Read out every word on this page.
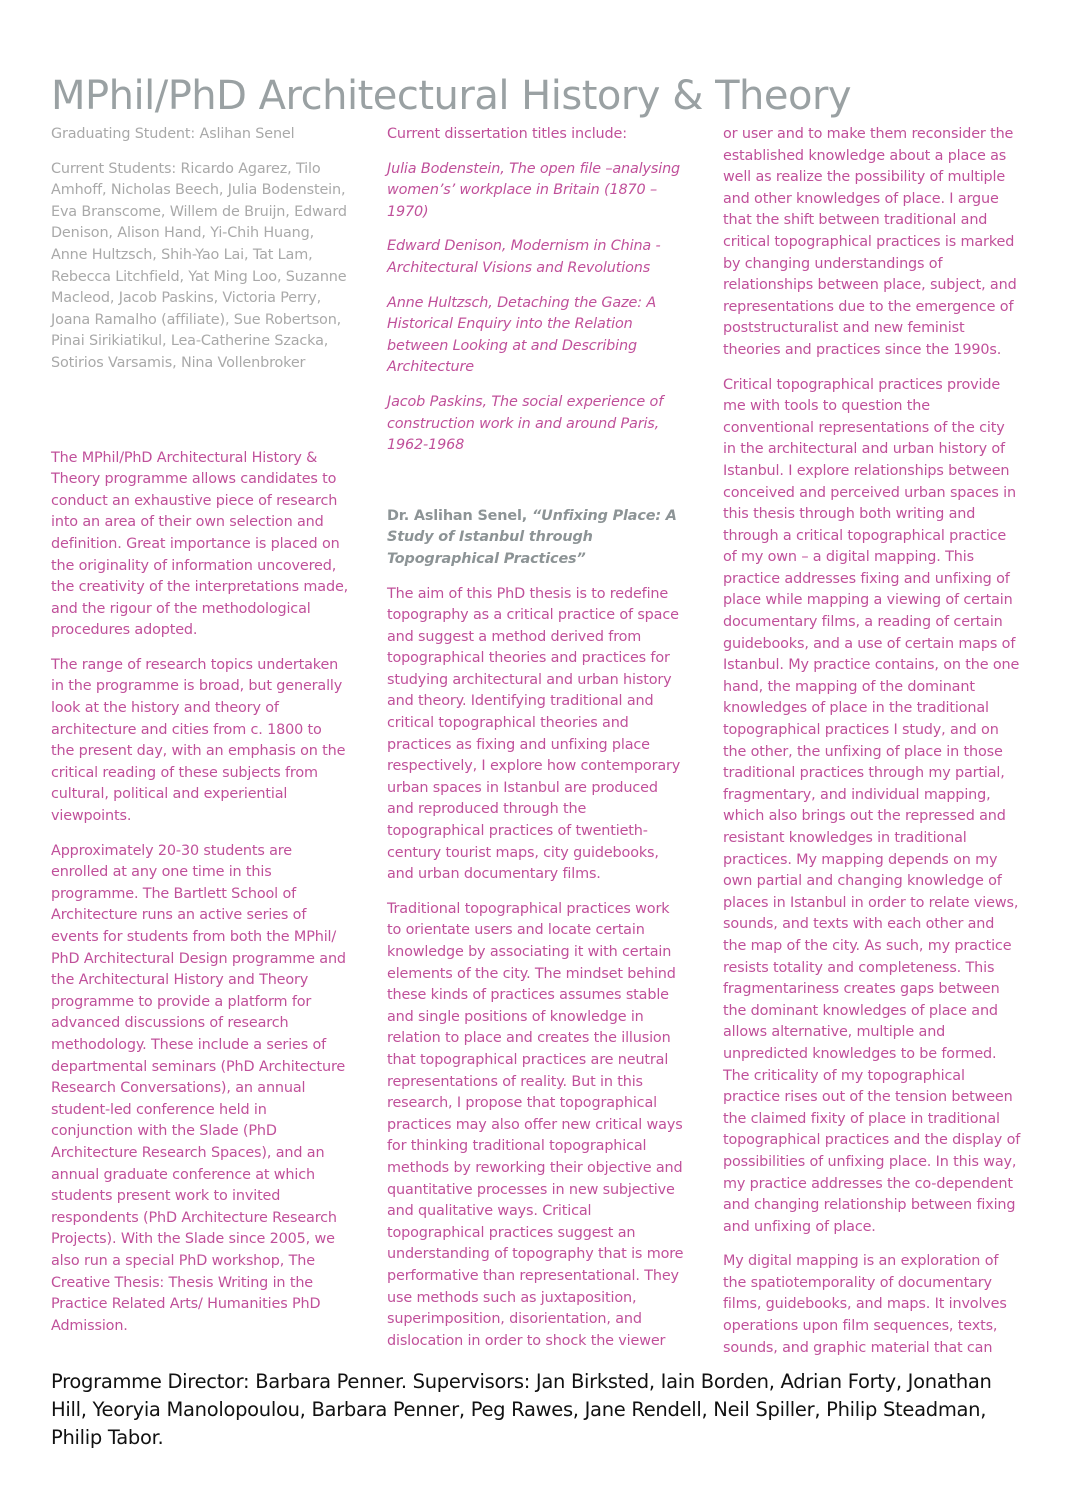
MPhil/PhD Architectural History & Theory

Graduating Student: Aslihan Senel

Current Students: Ricardo Agarez, Tilo Amhoff, Nicholas Beech, Julia Bodenstein, Eva Branscome, Willem de Bruijn, Edward Denison, Alison Hand, Yi-Chih Huang, Anne Hultzsch, Shih-Yao Lai, Tat Lam, Rebecca Litchfield, Yat Ming Loo, Suzanne Macleod, Jacob Paskins, Victoria Perry, Joana Ramalho (affiliate), Sue Robertson, Pinai Sirikiatikul, Lea-Catherine Szacka, Sotirios Varsamis, Nina Vollenbroker

The MPhil/PhD Architectural History & Theory programme allows candidates to conduct an exhaustive piece of research into an area of their own selection and definition. Great importance is placed on the originality of information uncovered, the creativity of the interpretations made, and the rigour of the methodological procedures adopted.

The range of research topics undertaken in the programme is broad, but generally look at the history and theory of architecture and cities from c. 1800 to the present day, with an emphasis on the critical reading of these subjects from cultural, political and experiential viewpoints.

Approximately 20-30 students are enrolled at any one time in this programme. The Bartlett School of Architecture runs an active series of events for students from both the MPhil/ PhD Architectural Design programme and the Architectural History and Theory programme to provide a platform for advanced discussions of research methodology. These include a series of departmental seminars (PhD Architecture Research Conversations), an annual student-led conference held in conjunction with the Slade (PhD Architecture Research Spaces), and an annual graduate conference at which students present work to invited respondents (PhD Architecture Research Projects). With the Slade since 2005, we also run a special PhD workshop, The Creative Thesis: Thesis Writing in the Practice Related Arts/ Humanities PhD Admission.

Current dissertation titles include:

Julia Bodenstein, The open file –analysing women’s’ workplace in Britain (1870 –1970)

Edward Denison, Modernism in China - Architectural Visions and Revolutions

Anne Hultzsch, Detaching the Gaze: A Historical Enquiry into the Relation between Looking at and Describing Architecture

Jacob Paskins, The social experience of construction work in and around Paris, 1962-1968

Dr. Aslihan Senel, “Unfixing Place: A Study of Istanbul through Topographical Practices”

The aim of this PhD thesis is to redefine topography as a critical practice of space and suggest a method derived from topographical theories and practices for studying architectural and urban history and theory. Identifying traditional and critical topographical theories and practices as fixing and unfixing place respectively, I explore how contemporary urban spaces in Istanbul are produced and reproduced through the topographical practices of twentieth-century tourist maps, city guidebooks, and urban documentary films.

Traditional topographical practices work to orientate users and locate certain knowledge by associating it with certain elements of the city. The mindset behind these kinds of practices assumes stable and single positions of knowledge in relation to place and creates the illusion that topographical practices are neutral representations of reality. But in this research, I propose that topographical practices may also offer new critical ways for thinking traditional topographical methods by reworking their objective and quantitative processes in new subjective and qualitative ways. Critical topographical practices suggest an understanding of topography that is more performative than representational. They use methods such as juxtaposition, superimposition, disorientation, and dislocation in order to shock the viewer

or user and to make them reconsider the established knowledge about a place as well as realize the possibility of multiple and other knowledges of place. I argue that the shift between traditional and critical topographical practices is marked by changing understandings of relationships between place, subject, and representations due to the emergence of poststructuralist and new feminist theories and practices since the 1990s.

Critical topographical practices provide me with tools to question the conventional representations of the city in the architectural and urban history of Istanbul. I explore relationships between conceived and perceived urban spaces in this thesis through both writing and through a critical topographical practice of my own – a digital mapping. This practice addresses fixing and unfixing of place while mapping a viewing of certain documentary films, a reading of certain guidebooks, and a use of certain maps of Istanbul. My practice contains, on the one hand, the mapping of the dominant knowledges of place in the traditional topographical practices I study, and on the other, the unfixing of place in those traditional practices through my partial, fragmentary, and individual mapping, which also brings out the repressed and resistant knowledges in traditional practices. My mapping depends on my own partial and changing knowledge of places in Istanbul in order to relate views, sounds, and texts with each other and the map of the city. As such, my practice resists totality and completeness. This fragmentariness creates gaps between the dominant knowledges of place and allows alternative, multiple and unpredicted knowledges to be formed. The criticality of my topographical practice rises out of the tension between the claimed fixity of place in traditional topographical practices and the display of possibilities of unfixing place. In this way, my practice addresses the co-dependent and changing relationship between fixing and unfixing of place.

My digital mapping is an exploration of the spatiotemporality of documentary films, guidebooks, and maps. It involves operations upon film sequences, texts, sounds, and graphic material that can

Programme Director: Barbara Penner. Supervisors: Jan Birksted, Iain Borden, Adrian Forty, Jonathan Hill, Yeoryia Manolopoulou, Barbara Penner, Peg Rawes, Jane Rendell, Neil Spiller, Philip Steadman, Philip Tabor.
